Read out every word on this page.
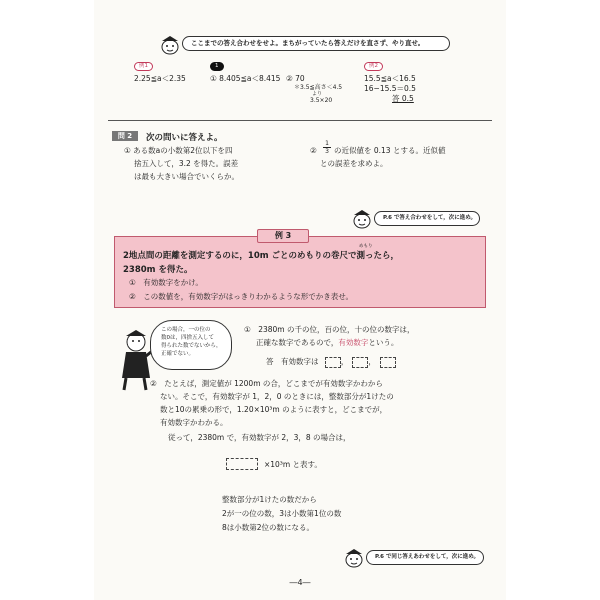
ここまでの答え合わせをせよ。まちがっていたら答えだけを直さず、やり直せ。
例1
2.25≦a＜2.35
1
① 8.405≦a＜8.415 ② 70
＊3.5≦高さ＜4.5
より
3.5×20
例2
15.5≦a＜16.5
16−15.5＝0.5
答 0.5
問 2	次の問いに答えよ。
① ある数aの小数第2位以下を四
捨五入して，3.2 を得た。誤差
は最も大きい場合でいくらか。
② $\frac{1}{3}$ の近似値を 0.13 とする。近似値
との誤差を求めよ。
P.6 で答え合わせをして，次に進め。
例 3
めもり
2地点間の距離を測定するのに，10m ごとのめもりの巻尺で測ったら，
2380m を得た。
①　有効数字をかけ。
②　この数値を，有効数字がはっきりわかるような形でかき表せ。
この場合，一の位の
数0は，四捨五入して
得られた数でないから，
正確でない。
①　2380m の千の位，百の位，十の位の数字は，
正確な数字であるので，有効数字という。
答　有効数字は	，	，
②　たとえば，測定値が 1200m の合，どこまでが有効数字かわから
ない。そこで，有効数字が 1，2，0 のときには，整数部分が1けたの
数と10の累乗の形で，1.20×10³m のように表すと，どこまでが，
有効数字かわかる。
従って，2380m で，有効数字が 2，3，8 の場合は，
×10³m と表す。
整数部分が1けたの数だから
2が一の位の数，3は小数第1位の数
8は小数第2位の数になる。
P.6 で同じ答えあわせをして，次に進め。
―4―
